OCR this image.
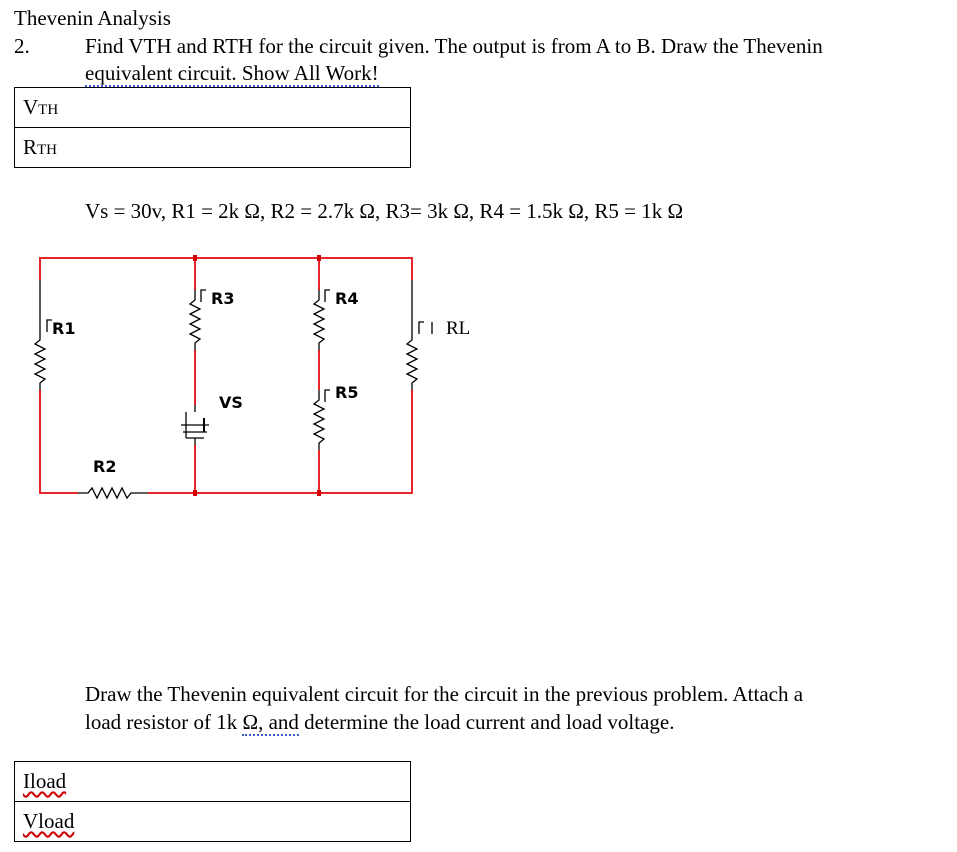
Thevenin Analysis
2.	Find VTH and RTH for the circuit given. The output is from A to B. Draw the Thevenin
equivalent circuit. Show All Work!
VTH
RTH
Vs = 30v, R1 = 2k Ω, R2 = 2.7k Ω, R3= 3k Ω, R4 = 1.5k Ω, R5 = 1k Ω
R3	R4
R1
R5
VS
R2
RL
Draw the Thevenin equivalent circuit for the circuit in the previous problem. Attach a
load resistor of 1k Ω, and determine the load current and load voltage.
Iload
Vload
